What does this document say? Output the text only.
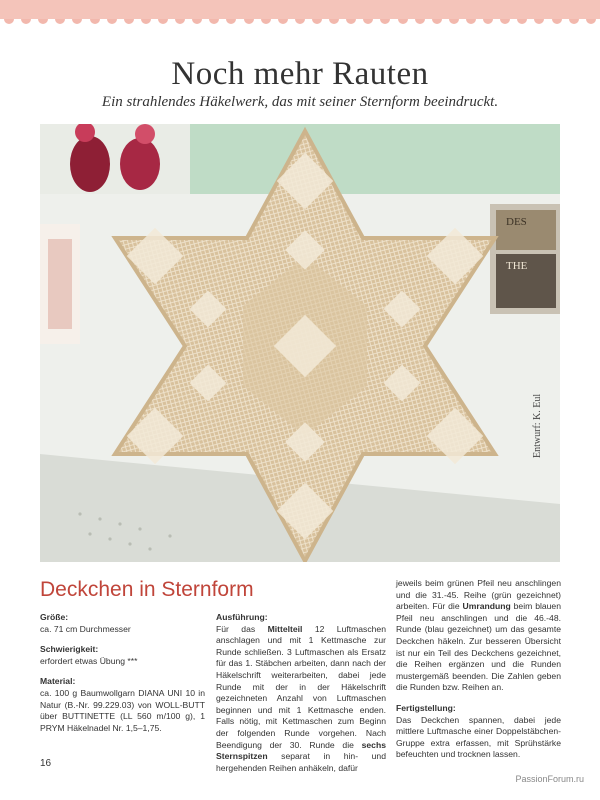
Noch mehr Rauten
Ein strahlendes Häkelwerk, das mit seiner Sternform beeindruckt.
DES
THE
Entwurf: K. Eul
Deckchen in Sternform
Größe:
ca. 71 cm Durchmesser
Schwierigkeit:
erfordert etwas Übung ***
Material:
ca. 100 g Baumwollgarn DIANA UNI 10 in Natur (B.-Nr. 99.229.03) von WOLL-BUTT über BUTTINETTE (LL 560 m/100 g), 1 PRYM Häkelnadel Nr. 1,5–1,75.
Ausführung:
Für das Mittelteil 12 Luftmaschen anschlagen und mit 1 Kettmasche zur Runde schließen. 3 Luftmaschen als Ersatz für das 1. Stäbchen arbeiten, dann nach der Häkelschrift weiterarbeiten, dabei jede Runde mit der in der Häkelschrift gezeichneten Anzahl von Luftmaschen beginnen und mit 1 Kettmasche enden. Falls nötig, mit Kettmaschen zum Beginn der folgenden Runde vorgehen. Nach Beendigung der 30. Runde die sechs Sternspitzen separat in hin- und hergehenden Reihen anhäkeln, dafür
jeweils beim grünen Pfeil neu anschlingen und die 31.-45. Reihe (grün gezeichnet) arbeiten. Für die Umrandung beim blauen Pfeil neu anschlingen und die 46.-48. Runde (blau gezeichnet) um das gesamte Deckchen häkeln. Zur besseren Übersicht ist nur ein Teil des Deckchens gezeichnet, die Reihen ergänzen und die Runden mustergemäß beenden. Die Zahlen geben die Runden bzw. Reihen an.
Fertigstellung:
Das Deckchen spannen, dabei jede mittlere Luftmasche einer Doppelstäbchen-Gruppe extra erfassen, mit Sprühstärke befeuchten und trocknen lassen.
16
PassionForum.ru
